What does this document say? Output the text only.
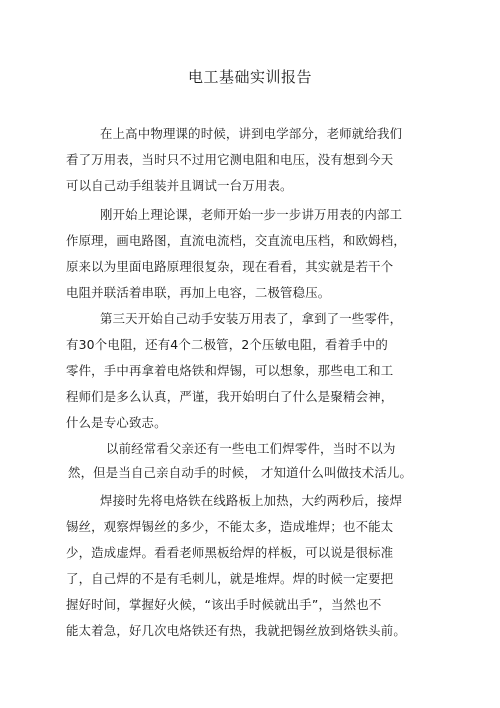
电工基础实训报告
在上高中物理课的时候，讲到电学部分，老师就给我们
看了万用表，当时只不过用它测电阻和电压，没有想到今天
可以自己动手组装并且调试一台万用表。
刚开始上理论课，老师开始一步一步讲万用表的内部工
作原理，画电路图，直流电流档，交直流电压档，和欧姆档，
原来以为里面电路原理很复杂，现在看看，其实就是若干个
电阻并联活着串联，再加上电容，二极管稳压。
第三天开始自己动手安装万用表了，拿到了一些零件，
有30个电阻，还有4个二极管，2个压敏电阻，看着手中的
零件，手中再拿着电烙铁和焊锡，可以想象，那些电工和工
程师们是多么认真，严谨，我开始明白了什么是聚精会神，
什么是专心致志。
以前经常看父亲还有一些电工们焊零件，当时不以为
然，但是当自己亲自动手的时候， 才知道什么叫做技术活儿。
焊接时先将电烙铁在线路板上加热，大约两秒后，接焊
锡丝，观察焊锡丝的多少，不能太多，造成堆焊；也不能太
少，造成虚焊。看看老师黑板给焊的样板，可以说是很标准
了，自己焊的不是有毛刺儿，就是堆焊。焊的时候一定要把
握好时间，掌握好火候，“该出手时候就出手”，当然也不
能太着急，好几次电烙铁还有热，我就把锡丝放到烙铁头前。
